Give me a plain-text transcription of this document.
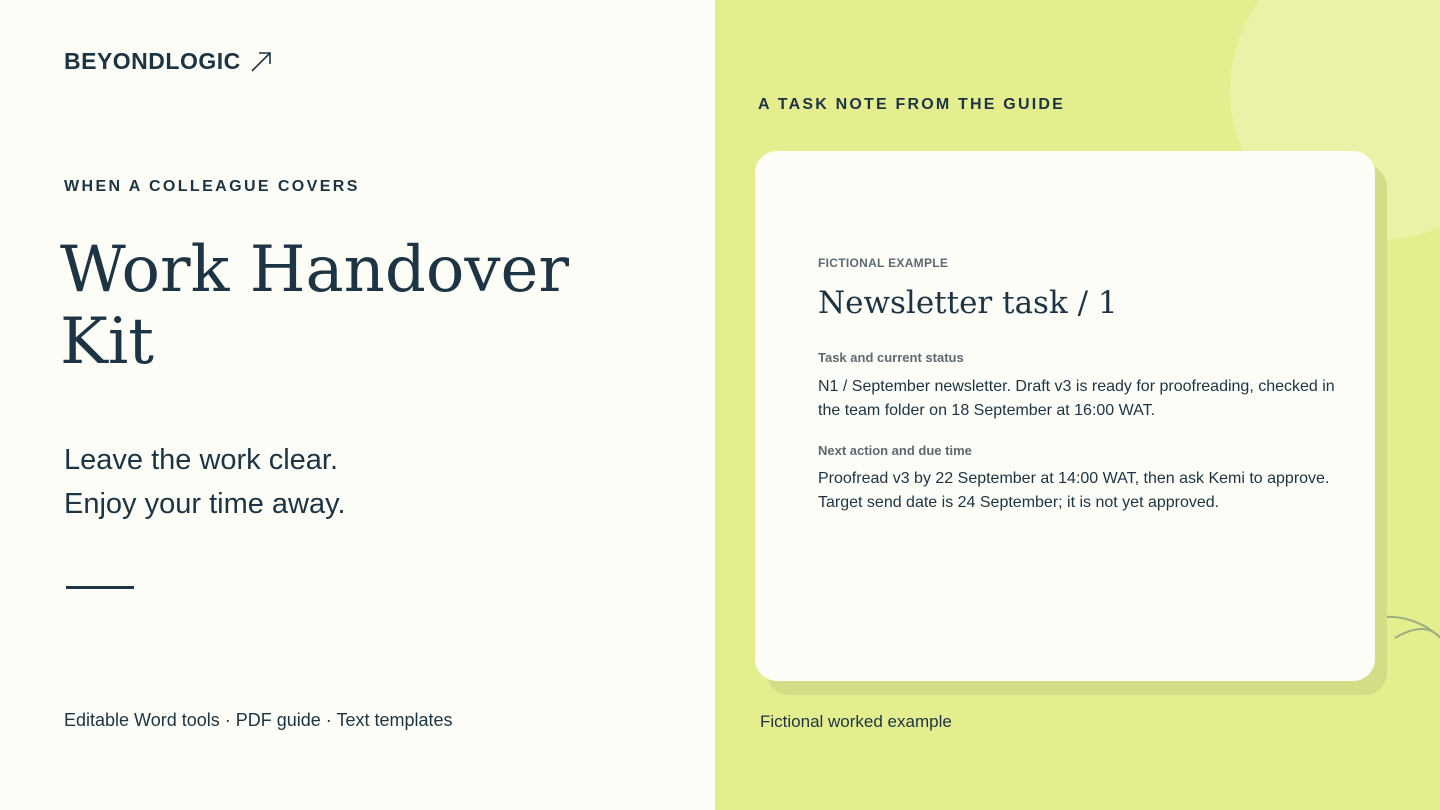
BEYONDLOGIC
WHEN A COLLEAGUE COVERS
Work Handover Kit
Leave the work clear.
Enjoy your time away.
Editable Word tools · PDF guide · Text templates
A TASK NOTE FROM THE GUIDE
FICTIONAL EXAMPLE
Newsletter task / 1
Task and current status
N1 / September newsletter. Draft v3 is ready for proofreading, checked in the team folder on 18 September at 16:00 WAT.
Next action and due time
Proofread v3 by 22 September at 14:00 WAT, then ask Kemi to approve. Target send date is 24 September; it is not yet approved.
Fictional worked example
